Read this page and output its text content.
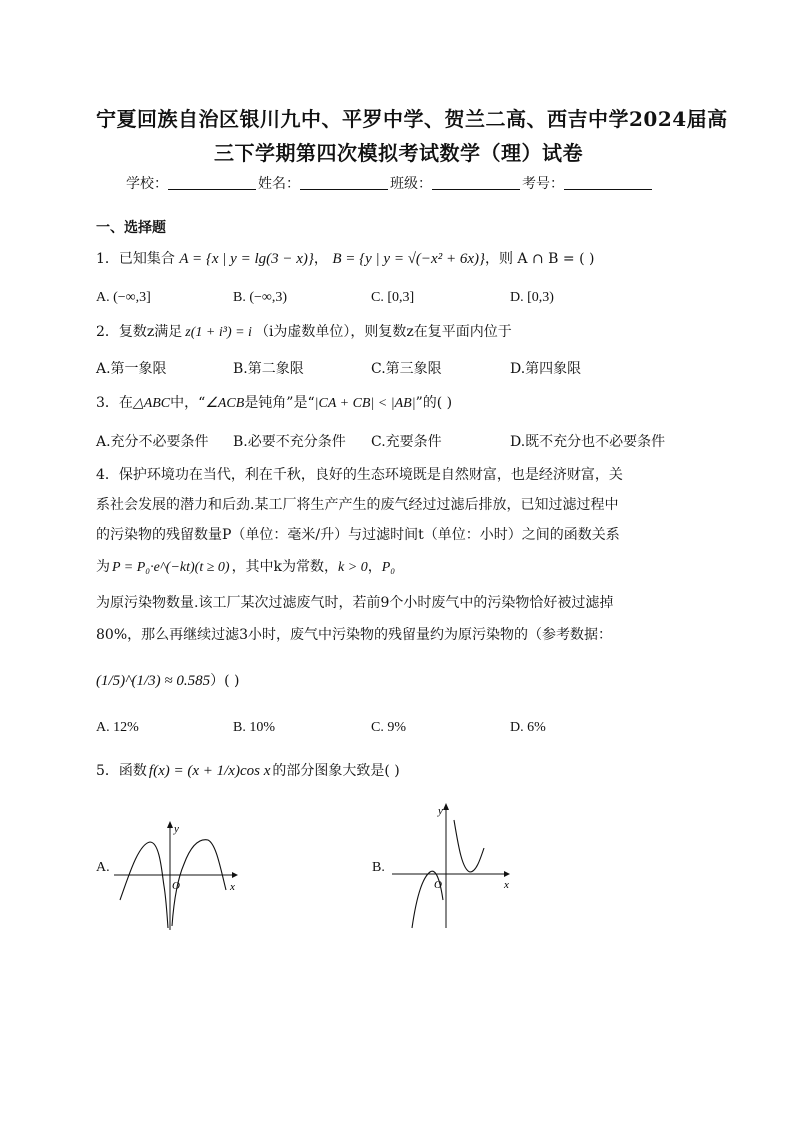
宁夏回族自治区银川九中、平罗中学、贺兰二高、西吉中学2024届高
三下学期第四次模拟考试数学（理）试卷
学校：	姓名：	班级：	考号：
一、选择题
1．已知集合 A = {x | y = lg(3 − x)}， B = {y | y = √(−x² + 6x)}，则 A ∩ B = ( )
A. (−∞,3]	B. (−∞,3)	C. [0,3]	D. [0,3)
2．复数z满足 z(1 + i³) = i （i为虚数单位），则复数z在复平面内位于
A.第一象限	B.第二象限	C.第三象限	D.第四象限
3．在△ABC中，“∠ACB是钝角”是“|CA + CB| < |AB|”的( )
A.充分不必要条件 B.必要不充分条件 C.充要条件	D.既不充分也不必要条件
4．保护环境功在当代，利在千秋，良好的生态环境既是自然财富，也是经济财富，关
系社会发展的潜力和后劲.某工厂将生产产生的废气经过过滤后排放，已知过滤过程中
的污染物的残留数量P（单位：毫米/升）与过滤时间t（单位：小时）之间的函数关系
为 P = P₀·e^(−kt)(t ≥ 0) ，其中k为常数，k > 0，P₀
为原污染物数量.该工厂某次过滤废气时，若前9个小时废气中的污染物恰好被过滤掉
80%，那么再继续过滤3小时，废气中污染物的残留量约为原污染物的（参考数据：
(1/5)^(1/3) ≈ 0.585）( )
A. 12%	B. 10%	C. 9%	D. 6%
5．函数 f(x) = (x + 1/x)cos x 的部分图象大致是( )
A.
y
x
O
B.
y
x
O
